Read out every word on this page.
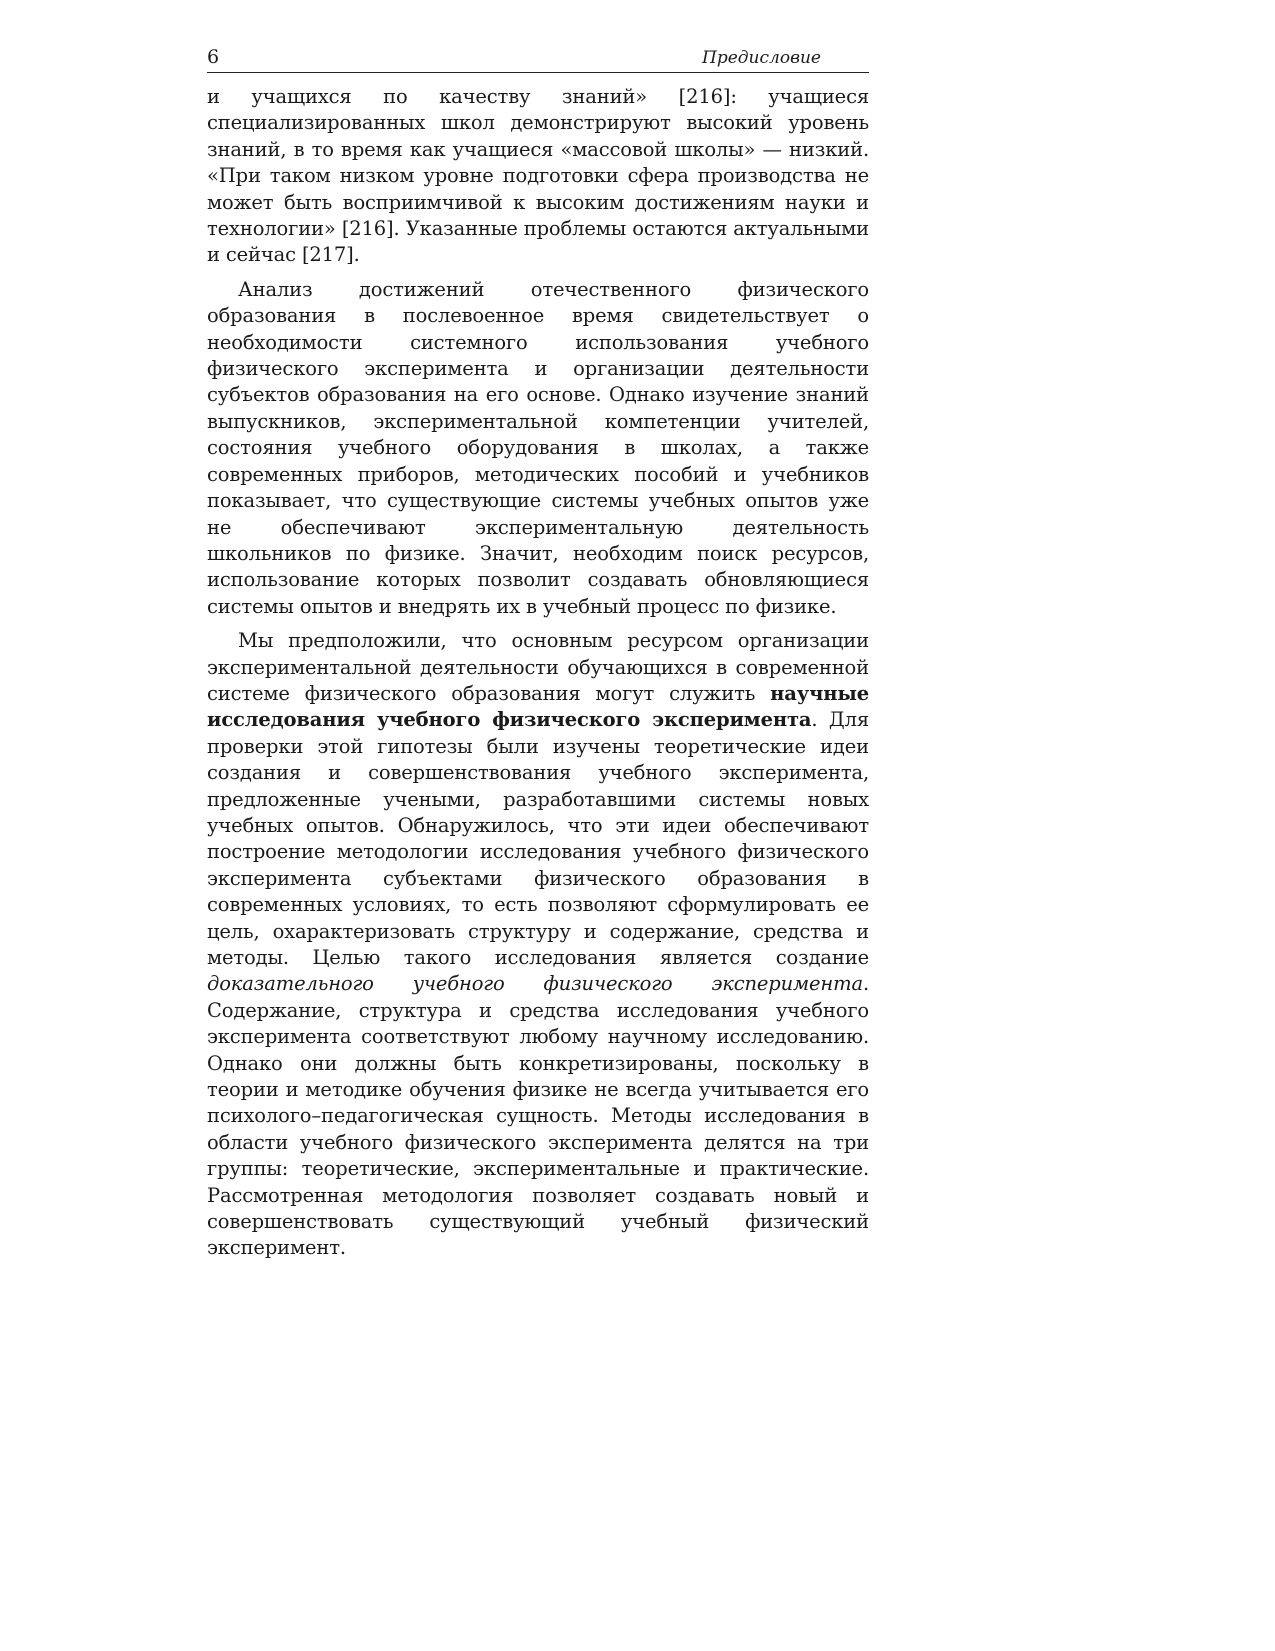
6	Предисловие

и учащихся по качеству знаний» [216]: учащиеся специализированных школ демонстрируют высокий уровень знаний, в то время как учащиеся «массовой школы» — низкий. «При таком низком уровне подготовки сфера производства не может быть восприимчивой к высоким достижениям науки и технологии» [216]. Указанные проблемы остаются актуальными и сейчас [217].

Анализ достижений отечественного физического образования в послевоенное время свидетельствует о необходимости системного использования учебного физического эксперимента и организации деятельности субъектов образования на его основе. Однако изучение знаний выпускников, экспериментальной компетенции учителей, состояния учебного оборудования в школах, а также современных приборов, методических пособий и учебников показывает, что существующие системы учебных опытов уже не обеспечивают экспериментальную деятельность школьников по физике. Значит, необходим поиск ресурсов, использование которых позволит создавать обновляющиеся системы опытов и внедрять их в учебный процесс по физике.

Мы предположили, что основным ресурсом организации экспериментальной деятельности обучающихся в современной системе физического образования могут служить научные исследования учебного физического эксперимента. Для проверки этой гипотезы были изучены теоретические идеи создания и совершенствования учебного эксперимента, предложенные учеными, разработавшими системы новых учебных опытов. Обнаружилось, что эти идеи обеспечивают построение методологии исследования учебного физического эксперимента субъектами физического образования в современных условиях, то есть позволяют сформулировать ее цель, охарактеризовать структуру и содержание, средства и методы. Целью такого исследования является создание доказательного учебного физического эксперимента. Содержание, структура и средства исследования учебного эксперимента соответствуют любому научному исследованию. Однако они должны быть конкретизированы, поскольку в теории и методике обучения физике не всегда учитывается его психолого–педагогическая сущность. Методы исследования в области учебного физического эксперимента делятся на три группы: теоретические, экспериментальные и практические. Рассмотренная методология позволяет создавать новый и совершенствовать существующий учебный физический эксперимент.
